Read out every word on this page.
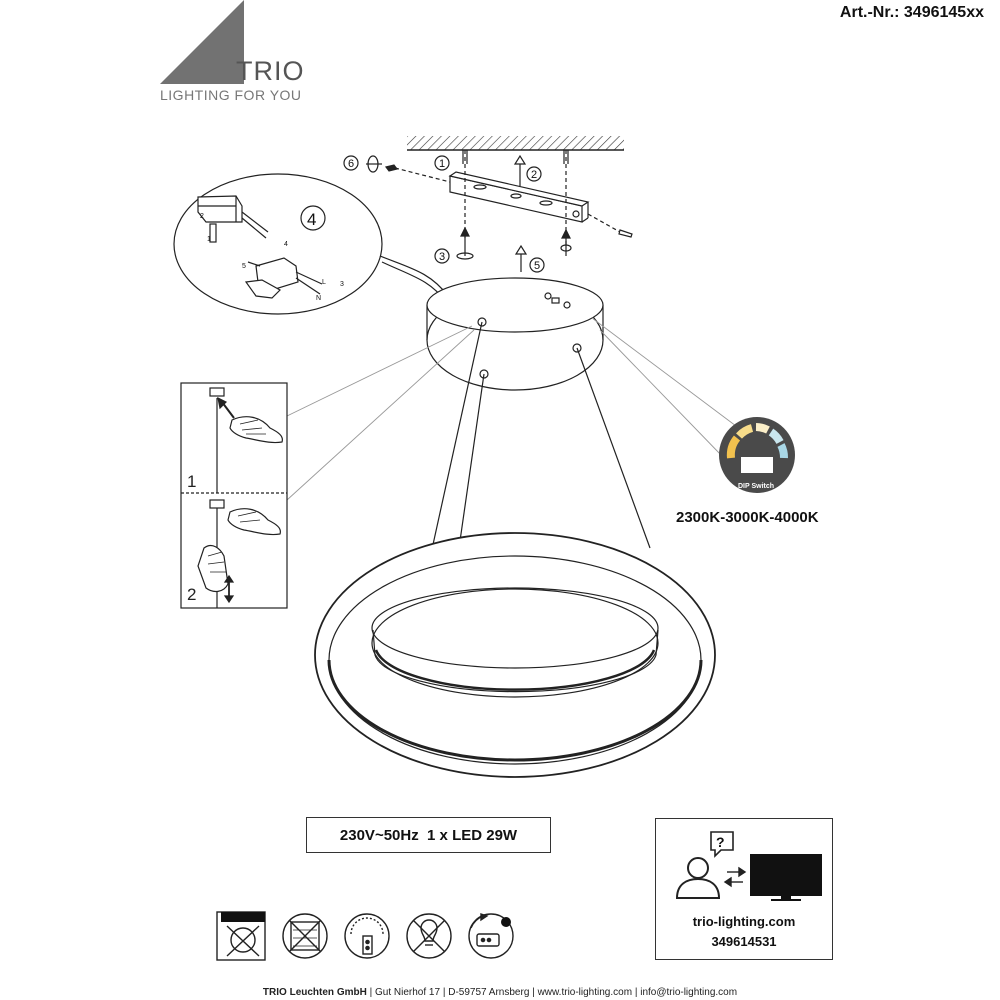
Art.-Nr.: 3496145xx
TRIO
LIGHTING FOR YOU
1
2
3
5
6
2
1
4
5
3
L
N
4
DIP Switch
?
1
2
2300K-3000K-4000K
230V~50Hz  1 x LED 29W
trio-lighting.com
349614531
TRIO Leuchten GmbH | Gut Nierhof 17 | D-59757 Arnsberg | www.trio-lighting.com | info@trio-lighting.com
